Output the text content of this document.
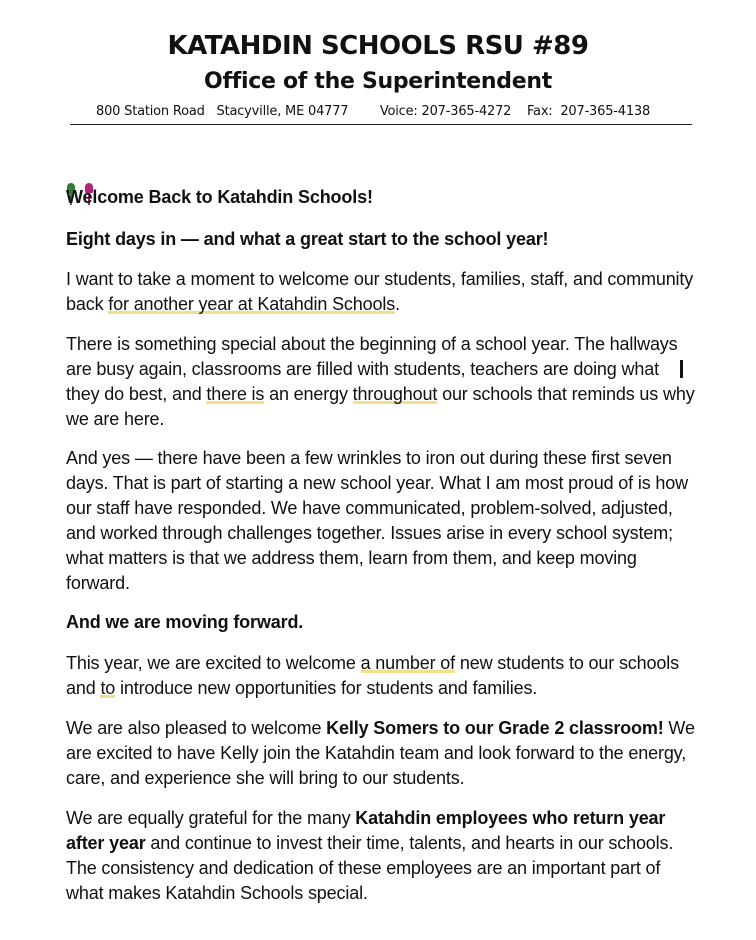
KATAHDIN SCHOOLS RSU #89
Office of the Superintendent
800 Station Road   Stacyville, ME 04777        Voice: 207-365-4272    Fax:  207-365-4138

Welcome Back to Katahdin Schools!

Eight days in — and what a great start to the school year!

I want to take a moment to welcome our students, families, staff, and community back for another year at Katahdin Schools.

There is something special about the beginning of a school year. The hallways are busy again, classrooms are filled with students, teachers are doing what they do best, and there is an energy throughout our schools that reminds us why we are here.

And yes — there have been a few wrinkles to iron out during these first seven days. That is part of starting a new school year. What I am most proud of is how our staff have responded. We have communicated, problem-solved, adjusted, and worked through challenges together. Issues arise in every school system; what matters is that we address them, learn from them, and keep moving forward.

And we are moving forward.

This year, we are excited to welcome a number of new students to our schools and to introduce new opportunities for students and families.

We are also pleased to welcome Kelly Somers to our Grade 2 classroom! We are excited to have Kelly join the Katahdin team and look forward to the energy, care, and experience she will bring to our students.

We are equally grateful for the many Katahdin employees who return year after year and continue to invest their time, talents, and hearts in our schools. The consistency and dedication of these employees are an important part of what makes Katahdin Schools special.
